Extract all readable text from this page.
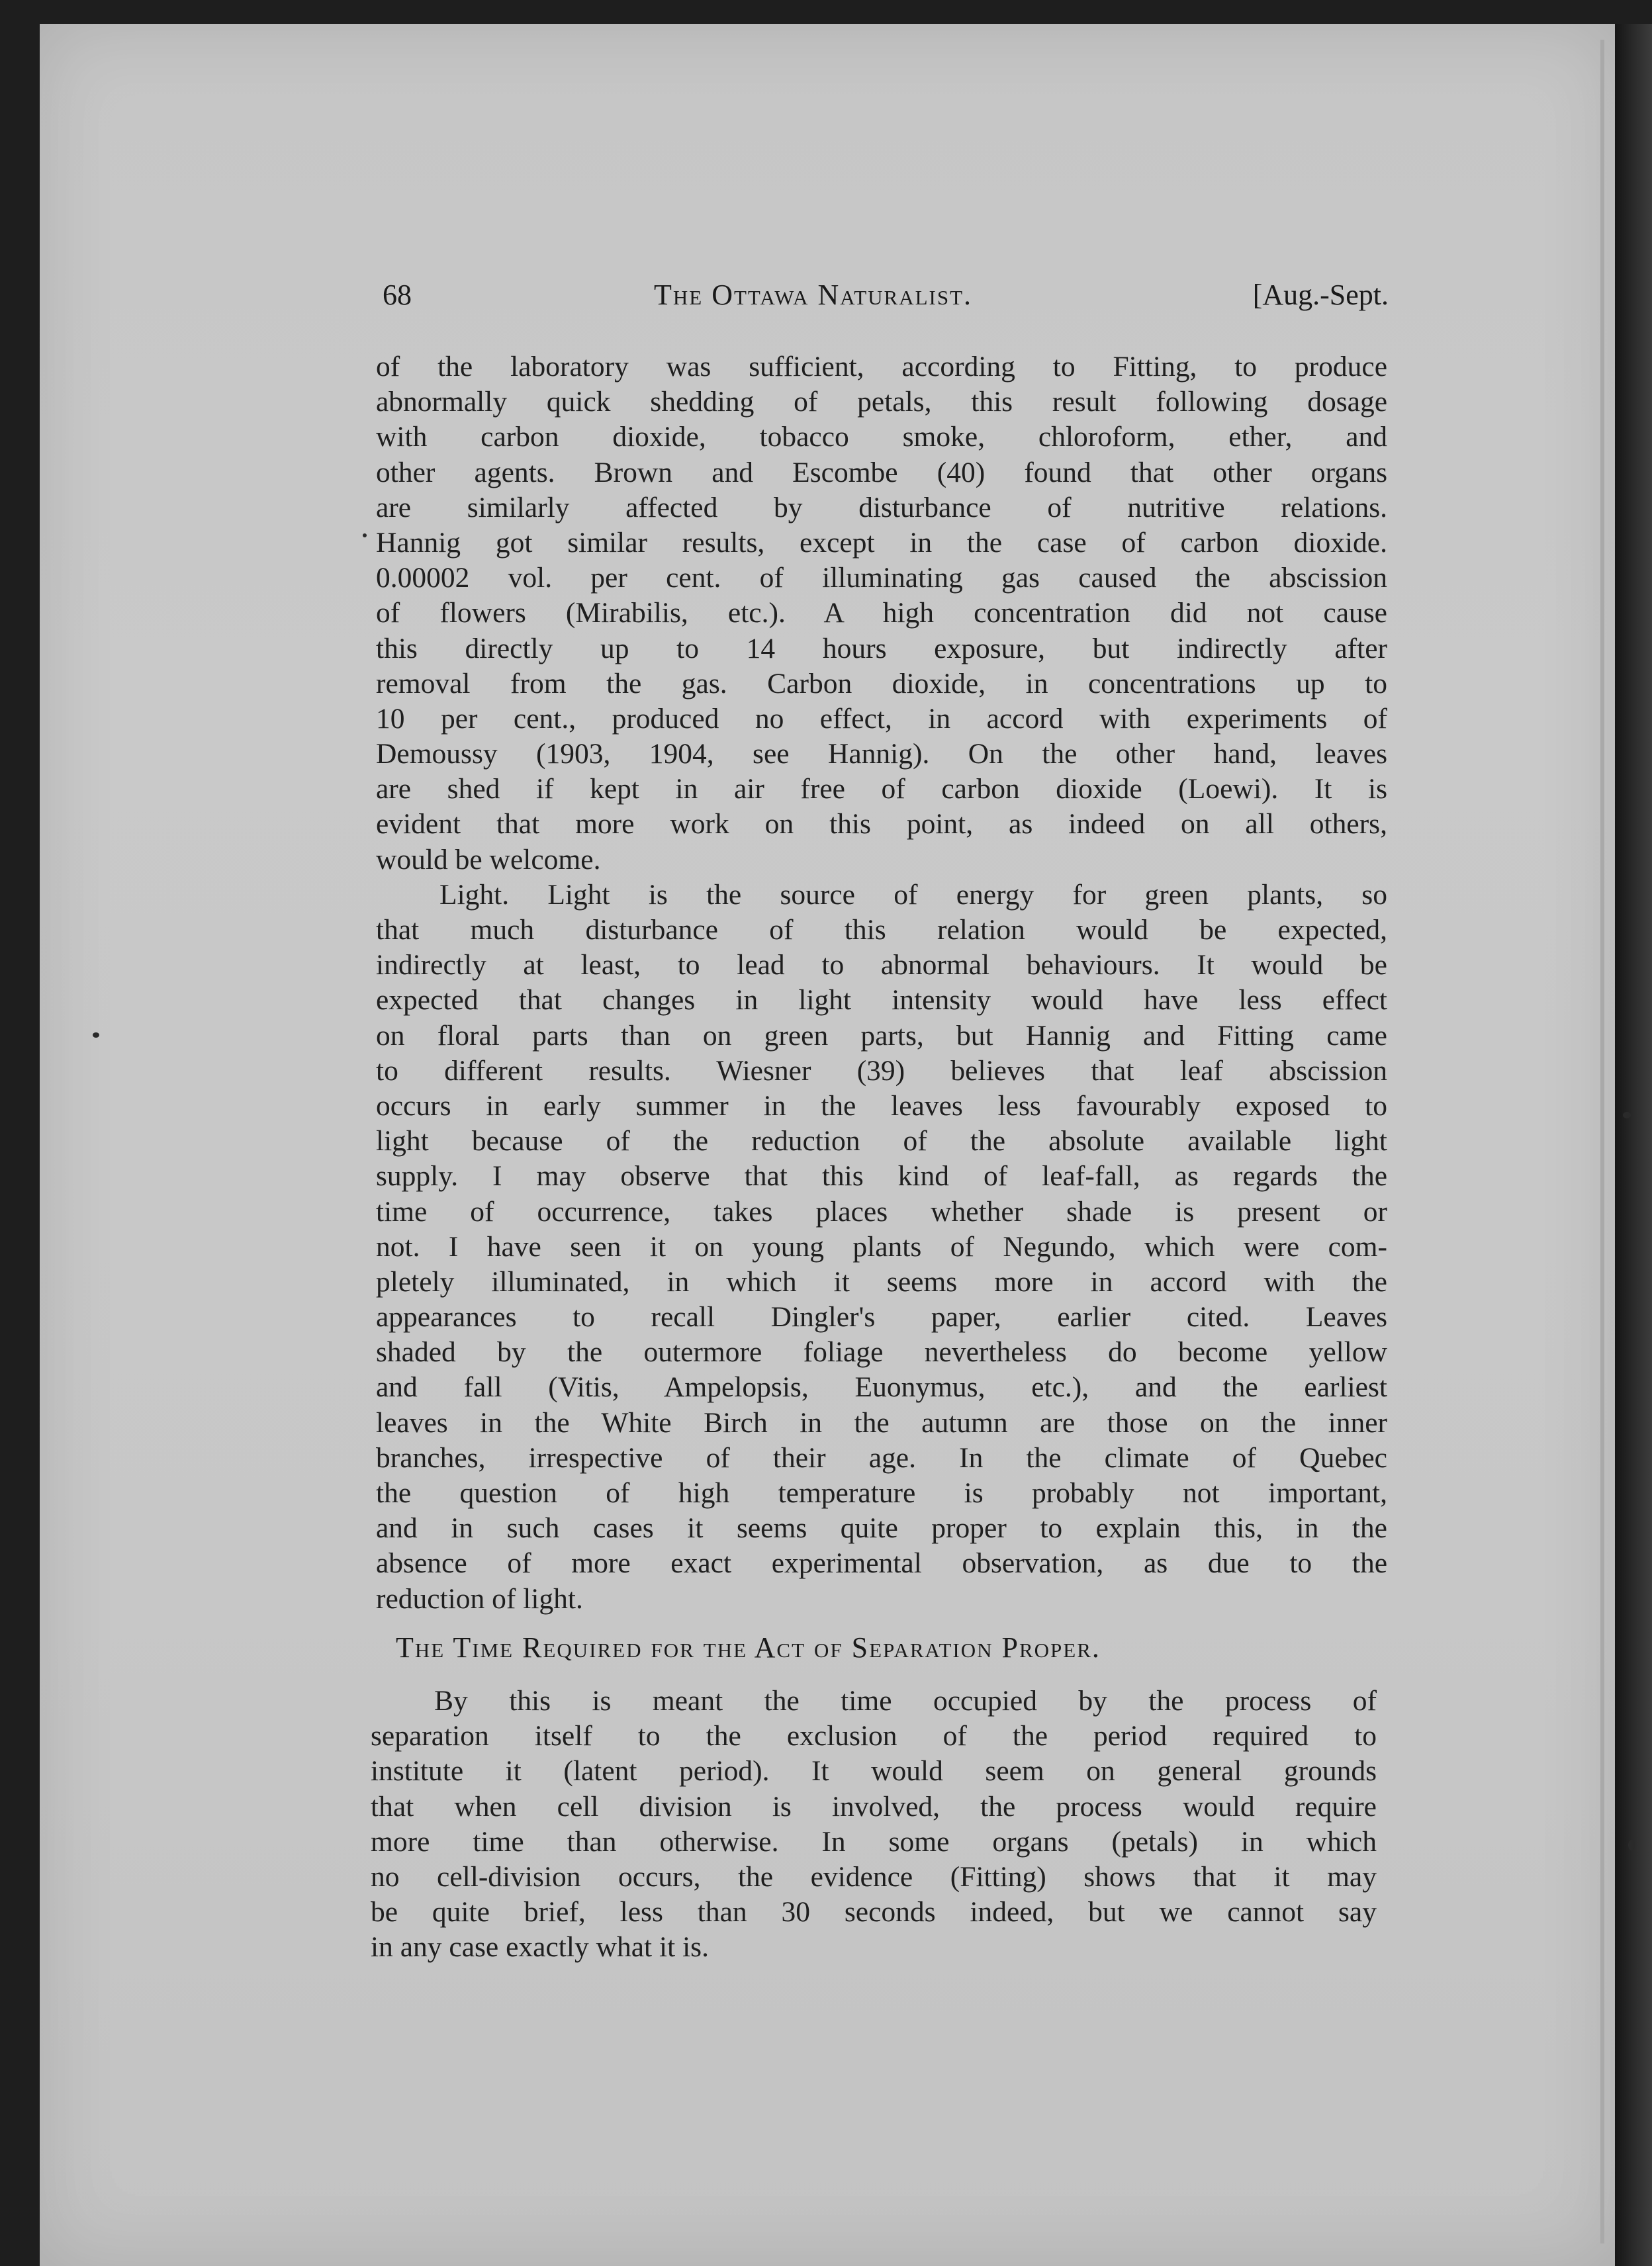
68	The Ottawa Naturalist.	[Aug.-Sept.
of the laboratory was sufficient, according to Fitting, to produce
abnormally quick shedding of petals, this result following dosage
with carbon dioxide, tobacco smoke, chloroform, ether, and
other agents. Brown and Escombe (40) found that other organs
are similarly affected by disturbance of nutritive relations.
Hannig got similar results, except in the case of carbon dioxide.
0.00002 vol. per cent. of illuminating gas caused the abscission
of flowers (Mirabilis, etc.). A high concentration did not cause
this directly up to 14 hours exposure, but indirectly after
removal from the gas. Carbon dioxide, in concentrations up to
10 per cent., produced no effect, in accord with experiments of
Demoussy (1903, 1904, see Hannig). On the other hand, leaves
are shed if kept in air free of carbon dioxide (Loewi). It is
evident that more work on this point, as indeed on all others,
would be welcome.
Light. Light is the source of energy for green plants, so
that much disturbance of this relation would be expected,
indirectly at least, to lead to abnormal behaviours. It would be
expected that changes in light intensity would have less effect
on floral parts than on green parts, but Hannig and Fitting came
to different results. Wiesner (39) believes that leaf abscission
occurs in early summer in the leaves less favourably exposed to
light because of the reduction of the absolute available light
supply. I may observe that this kind of leaf-fall, as regards the
time of occurrence, takes places whether shade is present or
not. I have seen it on young plants of Negundo, which were com-
pletely illuminated, in which it seems more in accord with the
appearances to recall Dingler's paper, earlier cited. Leaves
shaded by the outermore foliage nevertheless do become yellow
and fall (Vitis, Ampelopsis, Euonymus, etc.), and the earliest
leaves in the White Birch in the autumn are those on the inner
branches, irrespective of their age. In the climate of Quebec
the question of high temperature is probably not important,
and in such cases it seems quite proper to explain this, in the
absence of more exact experimental observation, as due to the
reduction of light.
The Time Required for the Act of Separation Proper.
By this is meant the time occupied by the process of
separation itself to the exclusion of the period required to
institute it (latent period). It would seem on general grounds
that when cell division is involved, the process would require
more time than otherwise. In some organs (petals) in which
no cell-division occurs, the evidence (Fitting) shows that it may
be quite brief, less than 30 seconds indeed, but we cannot say
in any case exactly what it is.
